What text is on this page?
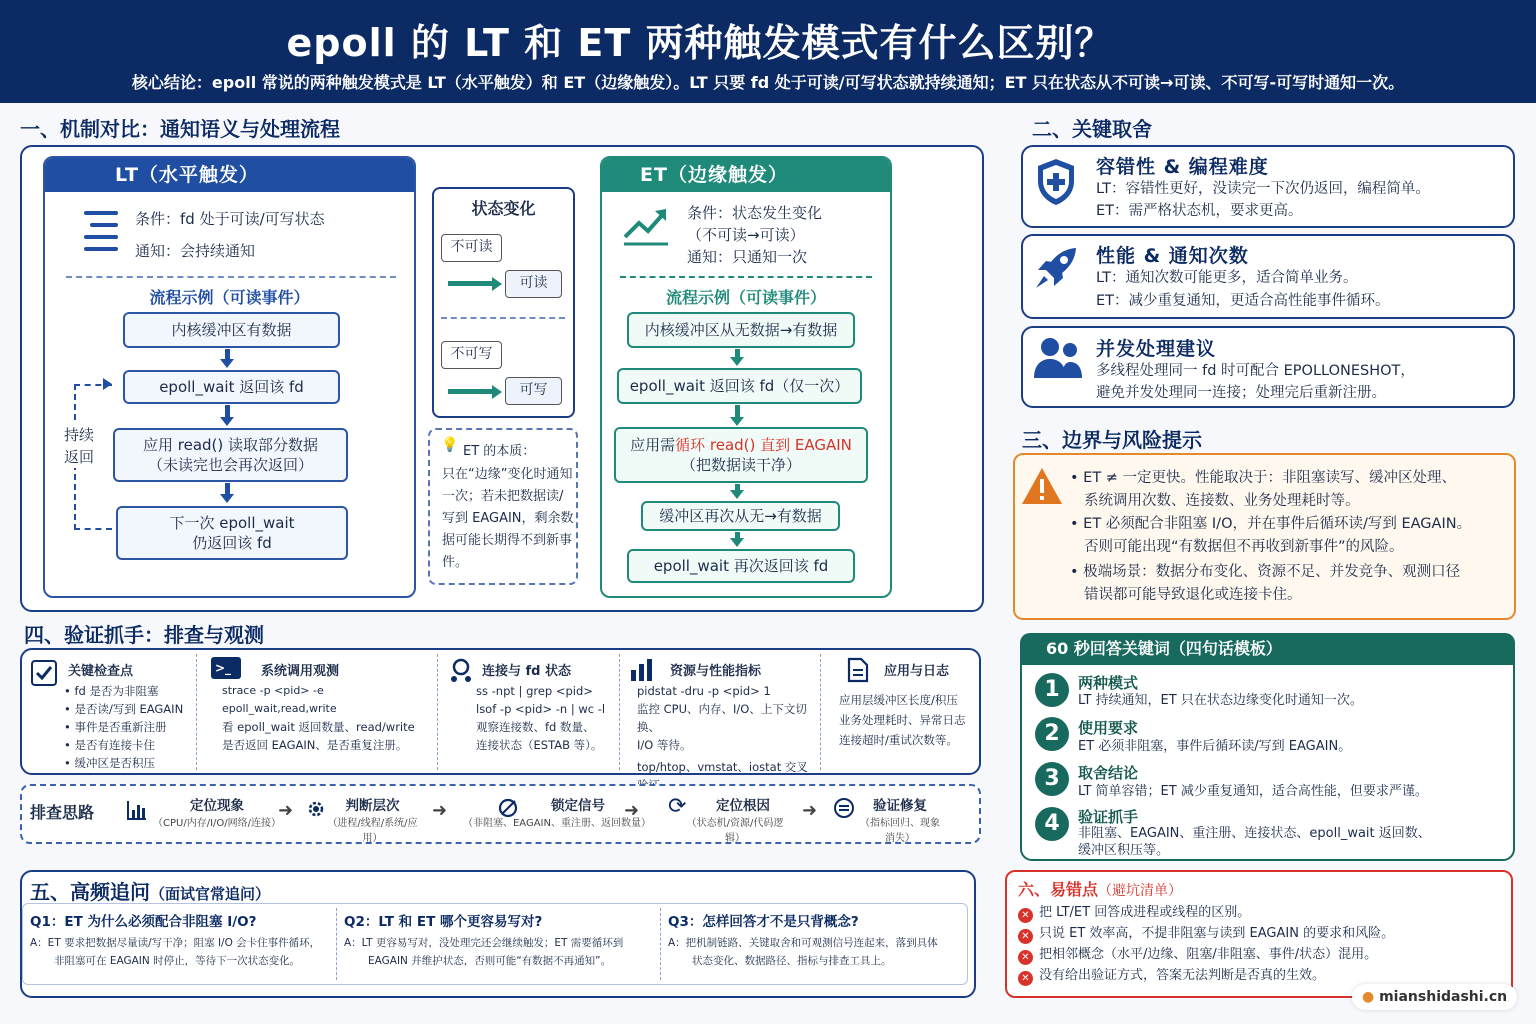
epoll 的 LT 和 ET 两种触发模式有什么区别？
核心结论：epoll 常说的两种触发模式是 LT（水平触发）和 ET（边缘触发）。LT 只要 fd 处于可读/可写状态就持续通知；ET 只在状态从不可读→可读、不可写-可写时通知一次。
一、机制对比：通知语义与处理流程
LT（水平触发）
条件：fd 处于可读/可写状态
通知：会持续通知
流程示例（可读事件）
内核缓冲区有数据
epoll_wait 返回该 fd
应用 read() 读取部分数据
（未读完也会再次返回）
下一次 epoll_wait
仍返回该 fd
持续返回
状态变化
不可读
可读
不可写
可写
💡 ET 的本质：
只在“边缘”变化时通知一次；若未把数据读/写到 EAGAIN，剩余数据可能长期得不到新事件。
ET（边缘触发）
条件：状态发生变化
（不可读→可读）
通知：只通知一次
流程示例（可读事件）
内核缓冲区从无数据→有数据
epoll_wait 返回该 fd（仅一次）
应用需循环 read() 直到 EAGAIN
（把数据读干净）
缓冲区再次从无→有数据
epoll_wait 再次返回该 fd
二、关键取舍
容错性 & 编程难度
LT：容错性更好，没读完一下次仍返回，编程简单。
ET：需严格状态机，要求更高。
性能 & 通知次数
LT：通知次数可能更多，适合简单业务。
ET：减少重复通知，更适合高性能事件循环。
并发处理建议
多线程处理同一 fd 时可配合 EPOLLONESHOT，
避免并发处理同一连接；处理完后重新注册。
三、边界与风险提示
• ET ≠ 一定更快。性能取决于：非阻塞读写、缓冲区处理、
系统调用次数、连接数、业务处理耗时等。
• ET 必须配合非阻塞 I/O，并在事件后循环读/写到 EAGAIN。
否则可能出现“有数据但不再收到新事件”的风险。
• 极端场景：数据分布变化、资源不足、并发竞争、观测口径
错误都可能导致退化或连接卡住。
四、验证抓手：排查与观测
关键检查点
• fd 是否为非阻塞
• 是否读/写到 EAGAIN
• 事件是否重新注册
• 是否有连接卡住
• 缓冲区是否积压
>_	系统调用观测
strace -p <pid> -e epoll_wait,read,write
看 epoll_wait 返回数量、read/write
是否返回 EAGAIN、是否重复注册。
连接与 fd 状态
ss -npt | grep <pid>
lsof -p <pid> -n | wc -l
观察连接数、fd 数量、
连接状态（ESTAB 等）。
资源与性能指标
pidstat -dru -p <pid> 1
监控 CPU、内存、I/O、上下文切换、
I/O 等待。
top/htop、vmstat、iostat 交叉
应用与日志
应用层缓冲区长度/积压
业务处理耗时、异常日志
连接超时/重试次数等。
排查思路	定位现象
（CPU/内存/I/O/网络/连接）
➜	判断层次
（进程/线程/系统/应用）
➜	锁定信号
（非阻塞、EAGAIN、重注册、返回数量）
➜ ⟳	定位根因
（状态机/资源/代码逻辑）
➜	验证修复
（指标回归、现象消失）
五、高频追问（面试官常追问）
Q1：ET 为什么必须配合非阻塞 I/O?
A：ET 要求把数据尽量读/写干净；阻塞 I/O 会卡住事件循环，
非阻塞可在 EAGAIN 时停止，等待下一次状态变化。
Q2：LT 和 ET 哪个更容易写对?
A：LT 更容易写对，没处理完还会继续触发；ET 需要循环到
EAGAIN 并维护状态，否则可能“有数据不再通知”。
Q3：怎样回答才不是只背概念?
A：把机制链路、关键取舍和可观测信号连起来，落到具体
状态变化、数据路径、指标与排查工具上。
60 秒回答关键词（四句话模板）
1	两种模式
LT 持续通知，ET 只在状态边缘变化时通知一次。
2	使用要求
ET 必须非阻塞，事件后循环读/写到 EAGAIN。
3	取舍结论
LT 简单容错；ET 减少重复通知，适合高性能，但要求严谨。
4	验证抓手
非阻塞、EAGAIN、重注册、连接状态、epoll_wait 返回数、
缓冲区积压等。
六、易错点（避坑清单）
✕ 把 LT/ET 回答成进程或线程的区别。
✕ 只说 ET 效率高，不提非阻塞与读到 EAGAIN 的要求和风险。
✕ 把相邻概念（水平/边缘、阻塞/非阻塞、事件/状态）混用。
✕ 没有给出验证方式，答案无法判断是否真的生效。
● mianshidashi.cn
